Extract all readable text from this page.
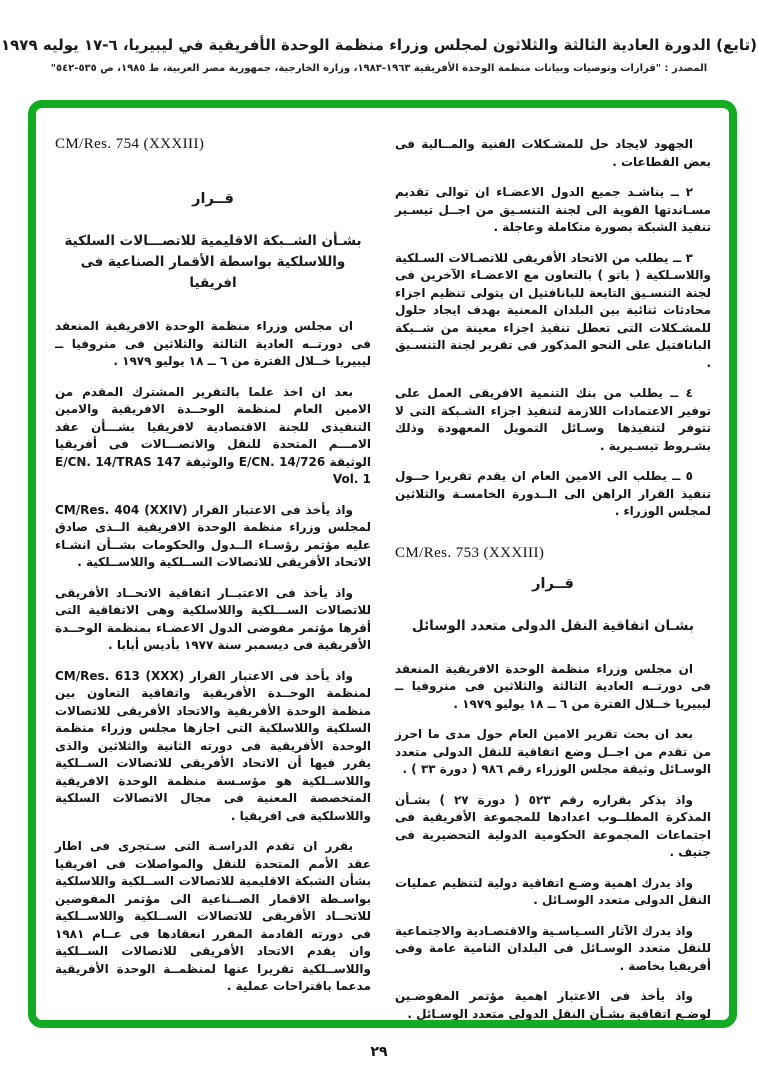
(تابع) الدورة العادية الثالثة والثلاثون لمجلس وزراء منظمة الوحدة الأفريقية في ليبيريا، ٦-١٧ يوليه ١٩٧٩
المصدر : "قرارات وتوصيات وبيانات منظمة الوحدة الأفريقية ١٩٦٣-١٩٨٣، وزارة الخارجية، جمهورية مصر العربية، ط ١٩٨٥، ص ٥٣٥-٥٤٢"

الجهود لايجاد حل للمشـكلات الفنية والمــالية فى بعض القطاعات .

٢ ــ يناشـد جميع الدول الاعضـاء ان توالى تقديم مسـاندتها القوية الى لجنة التنسـيق من اجــل تيسـير تنفيذ الشبكة بصورة متكاملة وعاجلة .

٣ ــ يطلب من الاتحاد الأفريقى للاتصـالات السـلكية واللاسـلكية ( باتو ) بالتعاون مع الاعضـاء الآخرين فى لجنة التنسـيق التابعة للبانافتيل ان يتولى تنظيم اجزاء محادثات ثنائية بين البلدان المعنية بهدف ايجاد حلول للمشـكلات التى تعطل تنفيذ اجزاء معينة من شــبكة البانافتيل على النحو المذكور فى تقرير لجنة التنسـيق .

٤ ــ يطلب من بنك التنمية الافريقى العمل على توفير الاعتمادات اللازمة لتنفيذ اجزاء الشـبكة التى لا تتوفر لتنفيذها وسـائل التمويل المعهودة وذلك بشـروط تيسـيرية .

٥ ــ يطلب الى الامين العام ان يقدم تقريرا حــول تنفيذ القرار الراهن الى الــدورة الخامسـة والثلاثين لمجلس الوزراء .

CM/Res. 753 (XXXIII)
قــرار
بشـان اتفاقية النقل الدولى متعدد الوسائل

ان مجلس وزراء منظمة الوحدة الافريقية المنعقد فى دورتــه العادية الثالثة والثلاثين فى منروفيا ــ ليبيريا خــلال الفترة من ٦ ــ ١٨ يوليو ١٩٧٩ .

بعد ان بحث تقرير الامين العام حول مدى ما احرز من تقدم من اجــل وضع اتفاقية للنقل الدولى متعدد الوسـائل وثيقة مجلس الوزراء رقم ٩٨٦ ( دورة ٣٣ ) .

واذ يذكر بقراره رقم ٥٢٣ ( دورة ٢٧ ) بشـأن المذكرة المطلــوب اعدادها للمجموعة الأفريقية فى اجتماعات المجموعة الحكومية الدولية التحضيرية فى جنيف .

واذ يدرك اهمية وضـع اتفاقية دولية لتنظيم عمليات النقل الدولى متعدد الوسـائل .

واذ يدرك الآثار السـياسـية والاقتصـادية والاجتماعية للنقل متعدد الوسـائل فى البلدان النامية عامة وفى أفريقيا بخاصة .

واذ يأخذ فى الاعتبار اهمية مؤتمر المفوضـين لوضـع اتفاقية بشـأن النقل الدولى متعدد الوسـائل .

CM/Res. 754 (XXXIII)
قــرار
بشـأن الشــبكة الاقليمية للاتصـــالات السلكية واللاسلكية بواسطة الأقمار الصناعية فى افريقيا

ان مجلس وزراء منظمة الوحدة الافريقية المنعقد فى دورتــه العادية الثالثة والثلاثين فى منروفيا ــ ليبيريا خــلال الفترة من ٦ ــ ١٨ يوليو ١٩٧٩ .

بعد ان اخذ علما بالتقرير المشترك المقدم من الامين العام لمنظمة الوحــدة الافريقية والامين التنفيذى للجنة الاقتصادية لافريقيا بشـــأن عقد الامـــم المتحدة للنقل والاتصـــالات فى أفريقيا الوثيقة E/CN. 14/726 والوثيقة E/CN. 14/TRAS 147 Vol. 1

واذ يأخذ فى الاعتبار القرار CM/Res. 404 (XXIV) لمجلس وزراء منظمة الوحدة الافريقية الــذى صادق عليه مؤتمر رؤسـاء الــدول والحكومات بشــأن انشـاء الاتحاد الأفريقى للاتصالات الســلكية واللاســلكية .

واذ يأخذ فى الاعتبــار اتفاقية الاتحــاد الأفريقى للاتصالات الســـلكية واللاسلكية وهى الاتفاقية التى أقرها مؤتمر مفوضى الدول الاعضـاء بمنظمة الوحــدة الأفريقية فى ديسمبر سنة ١٩٧٧ بأديس أبابا .

واذ يأخذ فى الاعتبار القرار CM/Res. 613 (XXX) لمنظمة الوحــدة الأفريقية واتفاقية التعاون بين منظمة الوحدة الأفريقية والاتحاد الأفريقى للاتصالات السلكية واللاسلكية التى اجازها مجلس وزراء منظمة الوحدة الأفريقية فى دورته الثانية والثلاثين والذى يقرر فيها أن الاتحاد الأفريقى للاتصالات الســلكية واللاســلكية هو مؤسـسة منظمة الوحدة الافريقية المتخصصة المعنية فى مجال الاتصالات السلكية واللاسلكية فى افريقيا .

يقرر ان تقدم الدراسـة التى سـتجرى فى اطار عقد الأمم المتحدة للنقل والمواصلات فى افريقيا بشأن الشبكة الاقليمية للاتصالات الســلكية واللاسلكية بواسـطة الاقمار الصــناعية الى مؤتمر المفوضين للاتحــاد الأفريقى للاتصالات الســلكية واللاســلكية فى دورته القادمة المقرر انعقادها فى عــام ١٩٨١ وان يقدم الاتحاد الأفريقى للاتصالات الســلكية واللاســلكية تقريرا عنها لمنظمــة الوحدة الأفريقية مدعما باقتراحات عملية .

٢٩
